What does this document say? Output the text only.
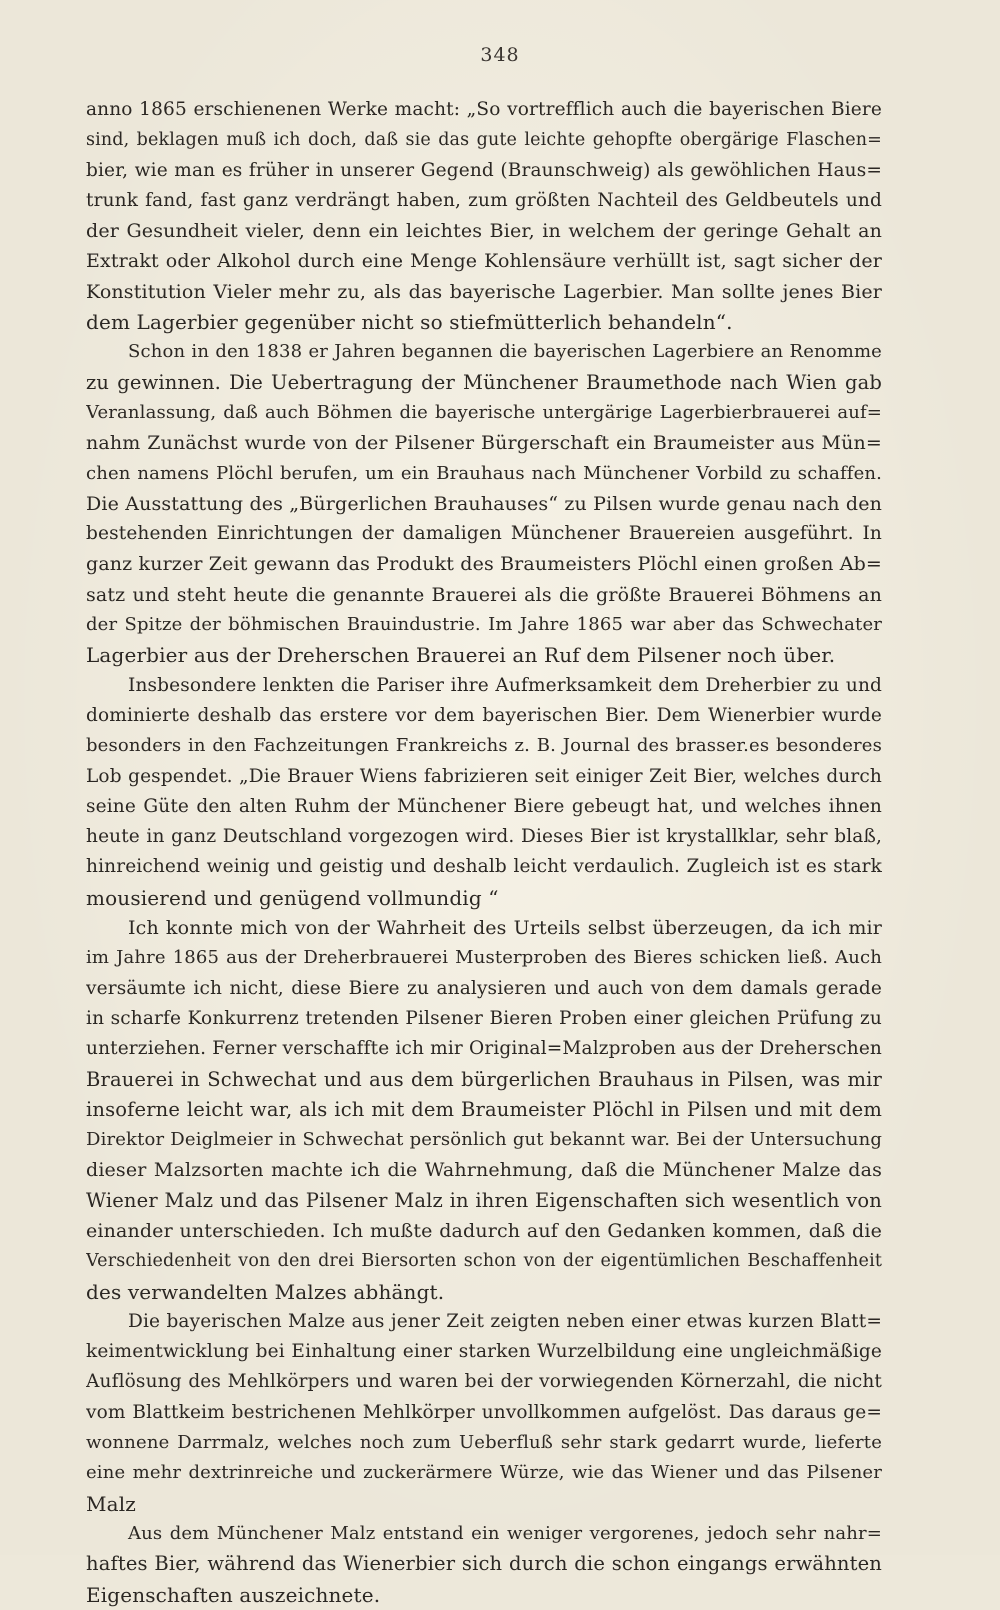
348
anno 1865 erschienenen Werke macht: „So vortrefflich auch die bayerischen Biere
sind, beklagen muß ich doch, daß sie das gute leichte gehopfte obergärige Flaschen=
bier, wie man es früher in unserer Gegend (Braunschweig) als gewöhlichen Haus=
trunk fand, fast ganz verdrängt haben, zum größten Nachteil des Geldbeutels und
der Gesundheit vieler, denn ein leichtes Bier, in welchem der geringe Gehalt an
Extrakt oder Alkohol durch eine Menge Kohlensäure verhüllt ist, sagt sicher der
Konstitution Vieler mehr zu, als das bayerische Lagerbier. Man sollte jenes Bier
dem Lagerbier gegenüber nicht so stiefmütterlich behandeln“.
Schon in den 1838 er Jahren begannen die bayerischen Lagerbiere an Renomme
zu gewinnen. Die Uebertragung der Münchener Braumethode nach Wien gab
Veranlassung, daß auch Böhmen die bayerische untergärige Lagerbierbrauerei auf=
nahm Zunächst wurde von der Pilsener Bürgerschaft ein Braumeister aus Mün=
chen namens Plöchl berufen, um ein Brauhaus nach Münchener Vorbild zu schaffen.
Die Ausstattung des „Bürgerlichen Brauhauses“ zu Pilsen wurde genau nach den
bestehenden Einrichtungen der damaligen Münchener Brauereien ausgeführt. In
ganz kurzer Zeit gewann das Produkt des Braumeisters Plöchl einen großen Ab=
satz und steht heute die genannte Brauerei als die größte Brauerei Böhmens an
der Spitze der böhmischen Brauindustrie. Im Jahre 1865 war aber das Schwechater
Lagerbier aus der Dreherschen Brauerei an Ruf dem Pilsener noch über.
Insbesondere lenkten die Pariser ihre Aufmerksamkeit dem Dreherbier zu und
dominierte deshalb das erstere vor dem bayerischen Bier. Dem Wienerbier wurde
besonders in den Fachzeitungen Frankreichs z. B. Journal des brasser.es besonderes
Lob gespendet. „Die Brauer Wiens fabrizieren seit einiger Zeit Bier, welches durch
seine Güte den alten Ruhm der Münchener Biere gebeugt hat, und welches ihnen
heute in ganz Deutschland vorgezogen wird. Dieses Bier ist krystallklar, sehr blaß,
hinreichend weinig und geistig und deshalb leicht verdaulich. Zugleich ist es stark
mousierend und genügend vollmundig “
Ich konnte mich von der Wahrheit des Urteils selbst überzeugen, da ich mir
im Jahre 1865 aus der Dreherbrauerei Musterproben des Bieres schicken ließ. Auch
versäumte ich nicht, diese Biere zu analysieren und auch von dem damals gerade
in scharfe Konkurrenz tretenden Pilsener Bieren Proben einer gleichen Prüfung zu
unterziehen. Ferner verschaffte ich mir Original=Malzproben aus der Dreherschen
Brauerei in Schwechat und aus dem bürgerlichen Brauhaus in Pilsen, was mir
insoferne leicht war, als ich mit dem Braumeister Plöchl in Pilsen und mit dem
Direktor Deiglmeier in Schwechat persönlich gut bekannt war. Bei der Untersuchung
dieser Malzsorten machte ich die Wahrnehmung, daß die Münchener Malze das
Wiener Malz und das Pilsener Malz in ihren Eigenschaften sich wesentlich von
einander unterschieden. Ich mußte dadurch auf den Gedanken kommen, daß die
Verschiedenheit von den drei Biersorten schon von der eigentümlichen Beschaffenheit
des verwandelten Malzes abhängt.
Die bayerischen Malze aus jener Zeit zeigten neben einer etwas kurzen Blatt=
keimentwicklung bei Einhaltung einer starken Wurzelbildung eine ungleichmäßige
Auflösung des Mehlkörpers und waren bei der vorwiegenden Körnerzahl, die nicht
vom Blattkeim bestrichenen Mehlkörper unvollkommen aufgelöst. Das daraus ge=
wonnene Darrmalz, welches noch zum Ueberfluß sehr stark gedarrt wurde, lieferte
eine mehr dextrinreiche und zuckerärmere Würze, wie das Wiener und das Pilsener
Malz
Aus dem Münchener Malz entstand ein weniger vergorenes, jedoch sehr nahr=
haftes Bier, während das Wienerbier sich durch die schon eingangs erwähnten
Eigenschaften auszeichnete.
